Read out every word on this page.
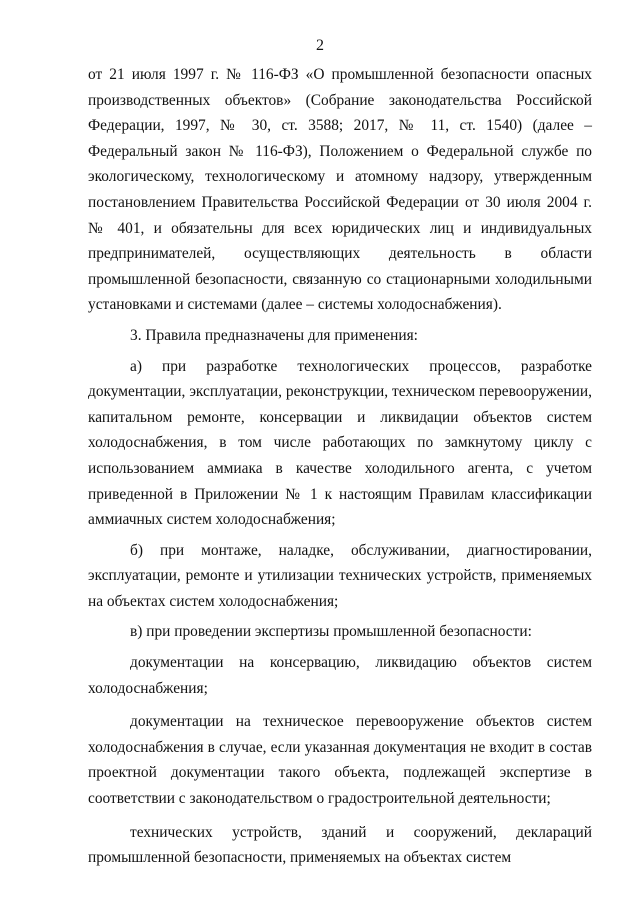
2

от 21 июля 1997 г. № 116-ФЗ «О промышленной безопасности опасных производственных объектов» (Собрание законодательства Российской Федерации, 1997, № 30, ст. 3588; 2017, № 11, ст. 1540) (далее – Федеральный закон № 116-ФЗ), Положением о Федеральной службе по экологическому, технологическому и атомному надзору, утвержденным постановлением Правительства Российской Федерации от 30 июля 2004 г. № 401, и обязательны для всех юридических лиц и индивидуальных предпринимателей, осуществляющих деятельность в области промышленной безопасности, связанную со стационарными холодильными установками и системами (далее – системы холодоснабжения).

3. Правила предназначены для применения:

а) при разработке технологических процессов, разработке документации, эксплуатации, реконструкции, техническом перевооружении, капитальном ремонте, консервации и ликвидации объектов систем холодоснабжения, в том числе работающих по замкнутому циклу с использованием аммиака в качестве холодильного агента, с учетом приведенной в Приложении № 1 к настоящим Правилам классификации аммиачных систем холодоснабжения;

б) при монтаже, наладке, обслуживании, диагностировании, эксплуатации, ремонте и утилизации технических устройств, применяемых на объектах систем холодоснабжения;

в) при проведении экспертизы промышленной безопасности:

документации на консервацию, ликвидацию объектов систем холодоснабжения;

документации на техническое перевооружение объектов систем холодоснабжения в случае, если указанная документация не входит в состав проектной документации такого объекта, подлежащей экспертизе в соответствии с законодательством о градостроительной деятельности;

технических устройств, зданий и сооружений, деклараций промышленной безопасности, применяемых на объектах систем
